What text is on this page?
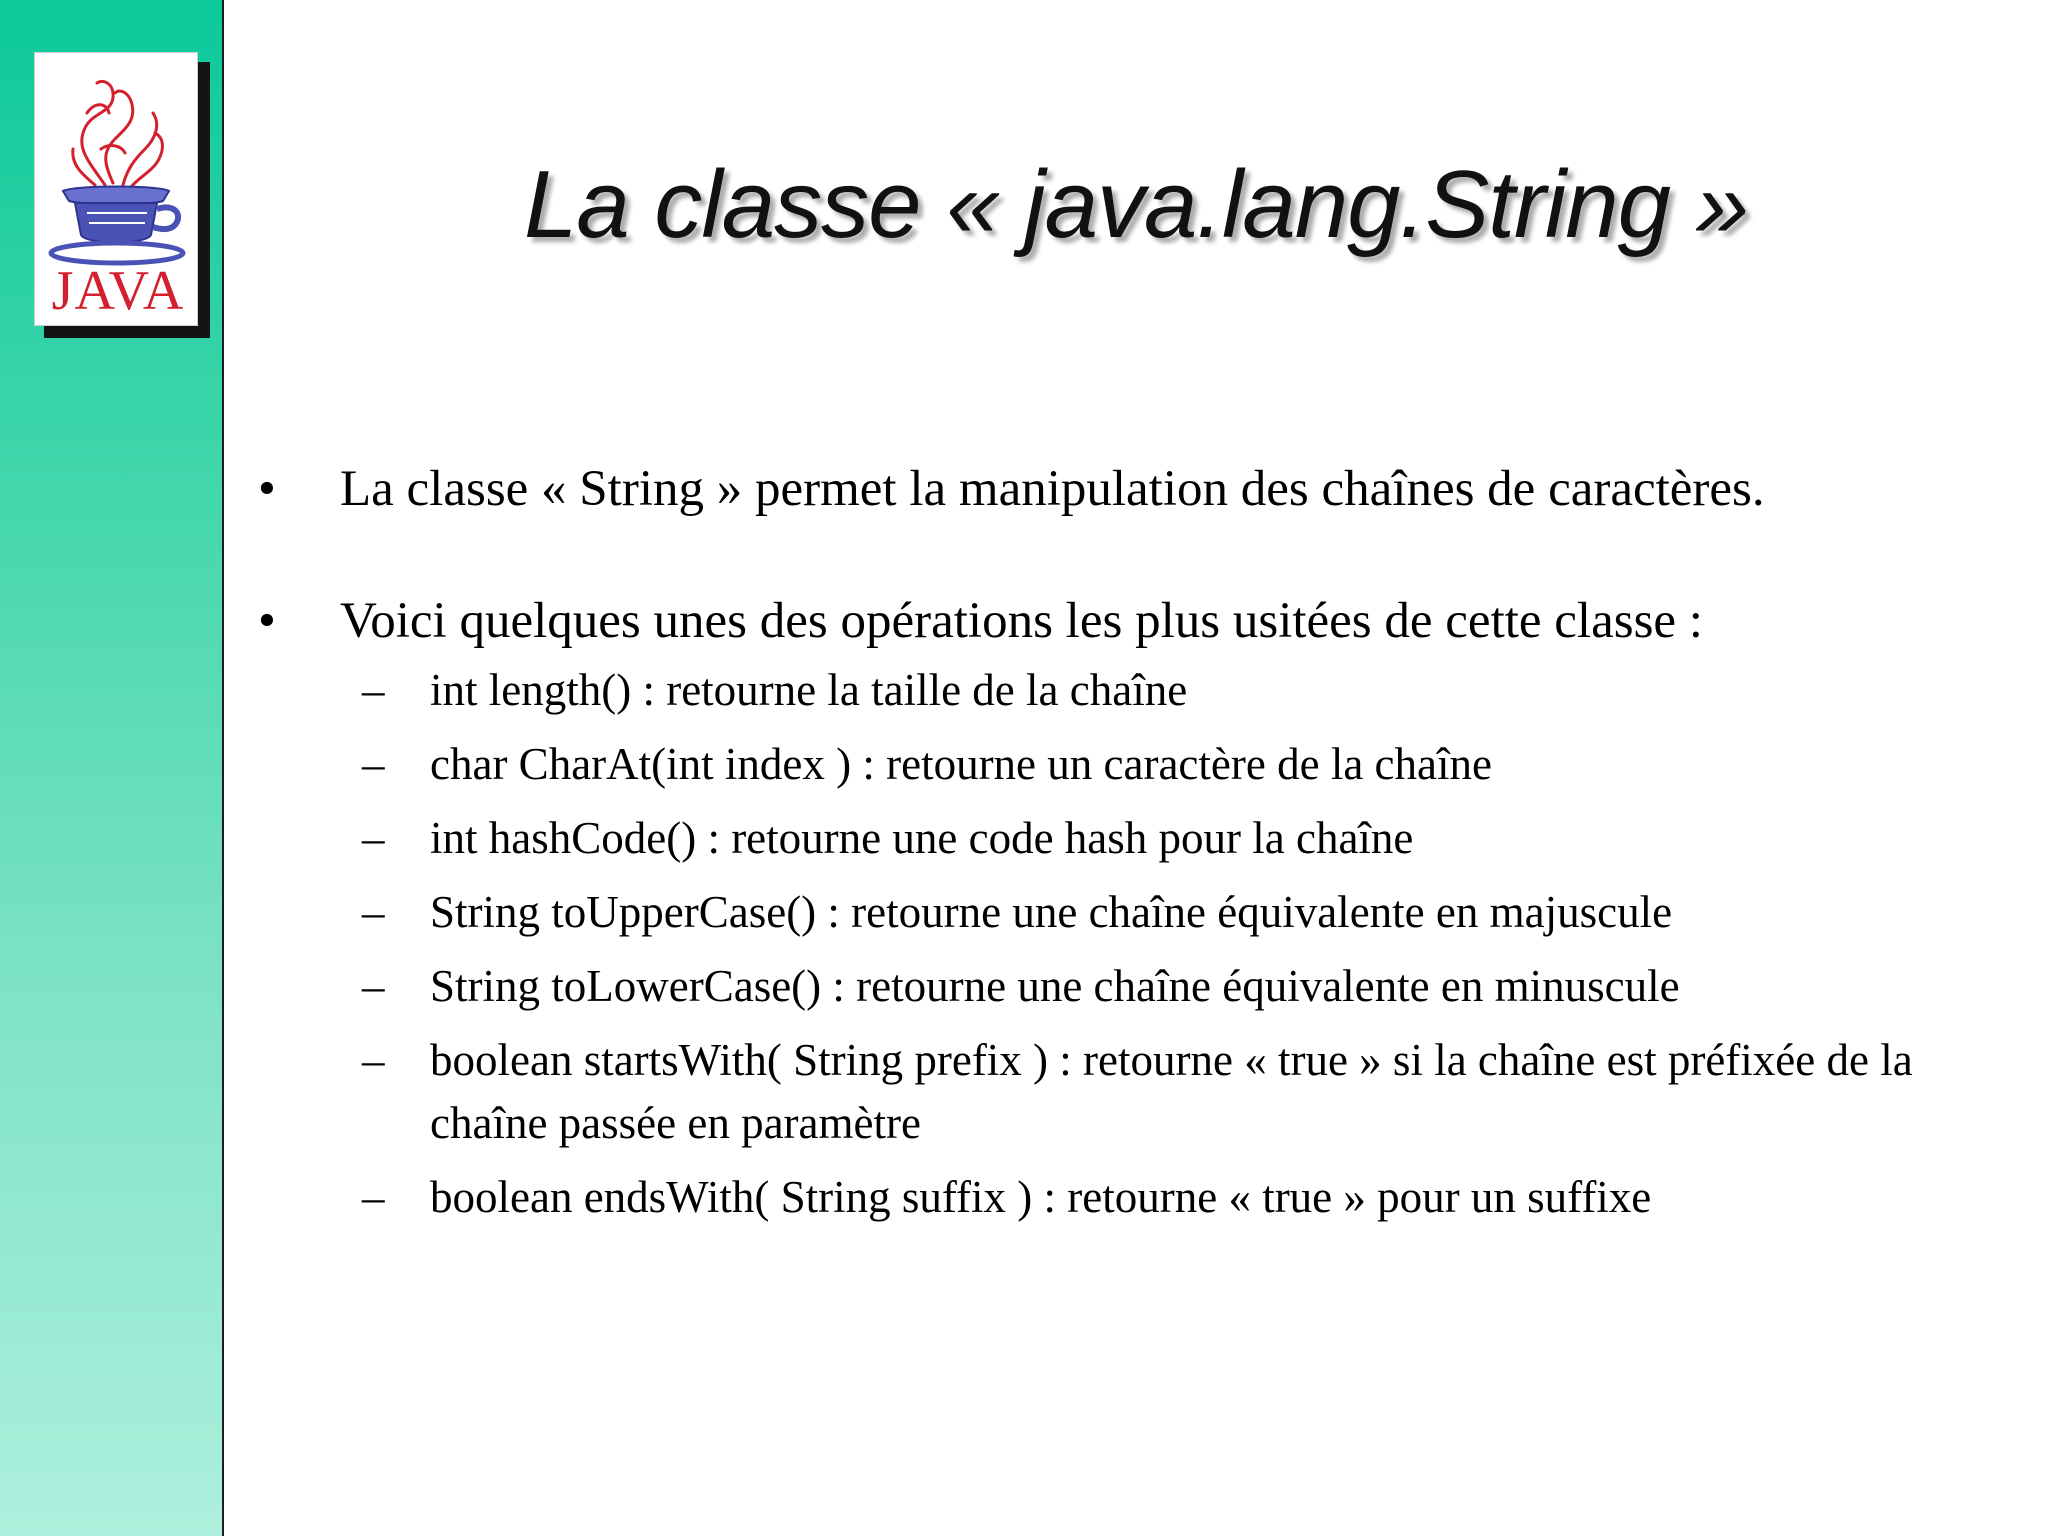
JAVA
La classe « java.lang.String »
• La classe « String » permet la manipulation des chaînes de caractères.
• Voici quelques unes des opérations les plus usitées de cette classe :
– int length() : retourne la taille de la chaîne
– char CharAt(int index ) : retourne un caractère de la chaîne
– int hashCode() : retourne une code hash pour la chaîne
– String toUpperCase() : retourne une chaîne équivalente en majuscule
– String toLowerCase() : retourne une chaîne équivalente en minuscule
– boolean startsWith( String prefix ) : retourne « true » si la chaîne est préfixée de la chaîne passée en paramètre
– boolean endsWith( String suffix ) : retourne « true » pour un suffixe
